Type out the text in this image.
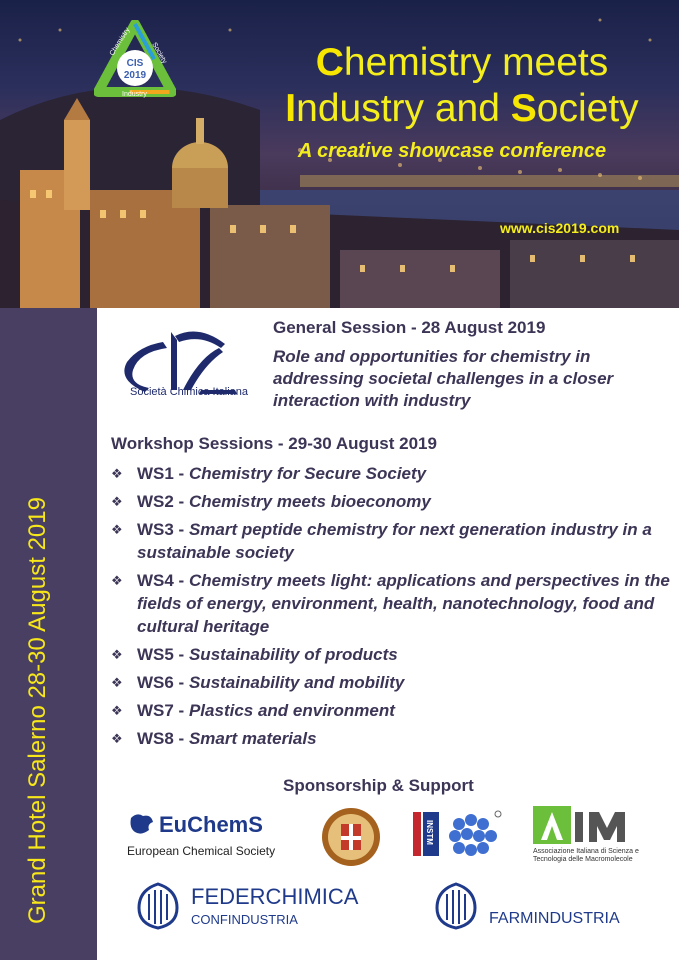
CIS
2019
Chemistry	Society
Industry
Chemistry meets
Industry and Society
A creative showcase conference
www.cis2019.com
Grand Hotel Salerno 28-30 August 2019
Società Chimica Italiana
General Session - 28 August 2019
Role and opportunities for chemistry in addressing societal challenges in a closer interaction with industry
Workshop Sessions - 29-30 August 2019
❖ WS1 - Chemistry for Secure Society
❖ WS2 - Chemistry meets bioeconomy
❖ WS3 - Smart peptide chemistry for next generation industry in a sustainable society
❖ WS4 - Chemistry meets light: applications and perspectives in the fields of energy, environment, health, nanotechnology, food and cultural heritage
❖ WS5 - Sustainability of products
❖ WS6 - Sustainability and mobility
❖ WS7 - Plastics and environment
❖ WS8 - Smart materials
Sponsorship & Support
EuChemS
European Chemical Society
INSTM
Associazione Italiana di Scienza e Tecnologia delle Macromolecole
FEDERCHIMICA
CONFINDUSTRIA	FARMINDUSTRIA
